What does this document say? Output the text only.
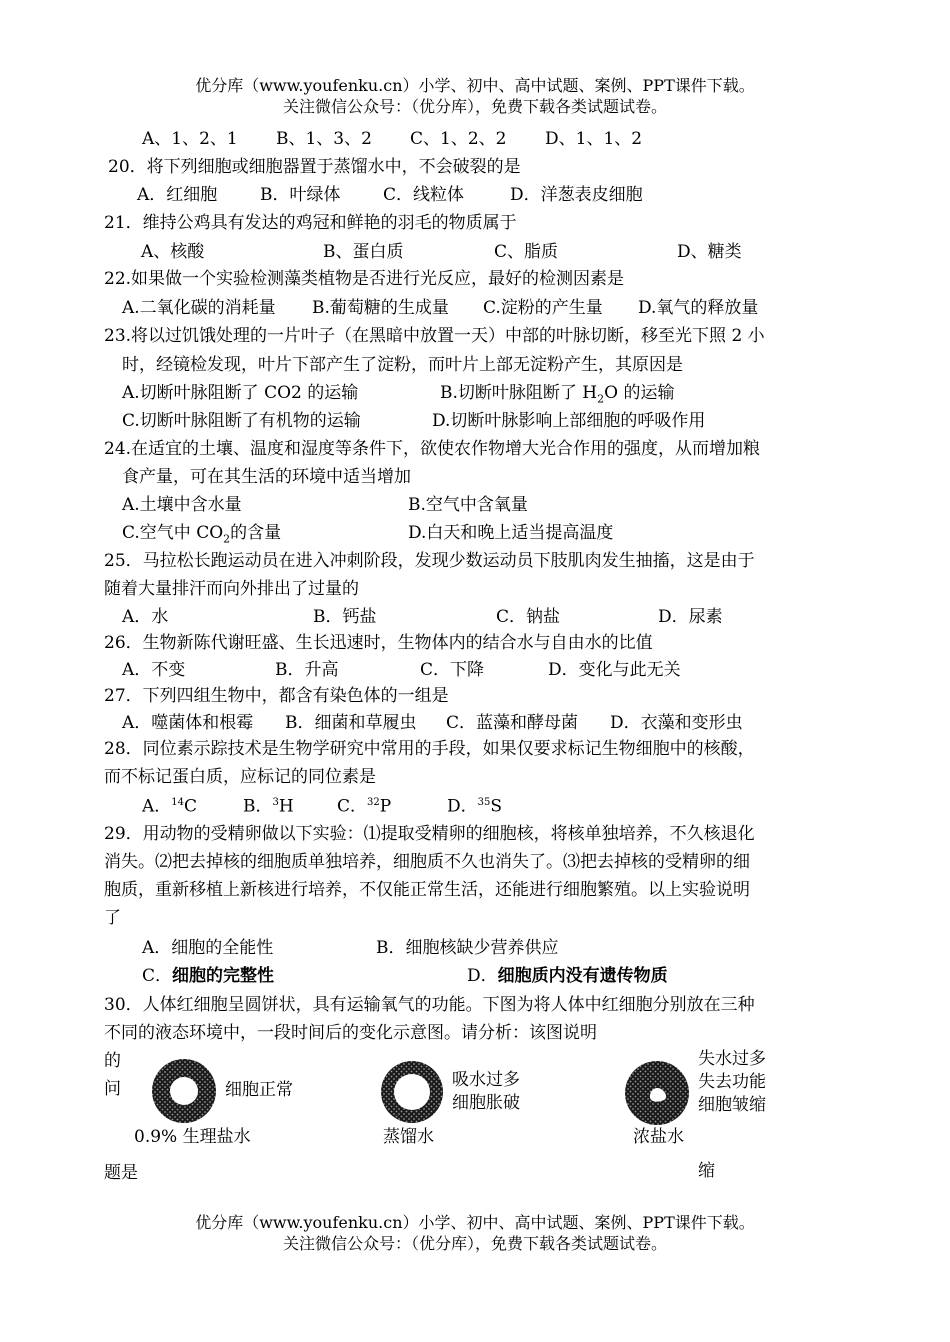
优分库（www.youfenku.cn）小学、初中、高中试题、案例、PPT课件下载。
关注微信公众号：（优分库），免费下载各类试题试卷。
A、1、2、1 B、1、3、2 C、1、2、2 D、1、1、2
20．将下列细胞或细胞器置于蒸馏水中，不会破裂的是
A．红细胞	B．叶绿体	C．线粒体	D．洋葱表皮细胞
21．维持公鸡具有发达的鸡冠和鲜艳的羽毛的物质属于
A、核酸	B、蛋白质	C、脂质	D、糖类
22.如果做一个实验检测藻类植物是否进行光反应，最好的检测因素是
A.二氧化碳的消耗量 B.葡萄糖的生成量 C.淀粉的产生量 D.氧气的释放量
23.将以过饥饿处理的一片叶子（在黑暗中放置一天）中部的叶脉切断，移至光下照 2 小
时，经镜检发现，叶片下部产生了淀粉，而叶片上部无淀粉产生，其原因是
A.切断叶脉阻断了 CO2 的运输	B.切断叶脉阻断了 $H_2O$ 的运输
C.切断叶脉阻断了有机物的运输	D.切断叶脉影响上部细胞的呼吸作用
24.在适宜的土壤、温度和湿度等条件下，欲使农作物增大光合作用的强度，从而增加粮
食产量，可在其生活的环境中适当增加
A.土壤中含水量	B.空气中含氧量
C.空气中 $CO_2$的含量	D.白天和晚上适当提高温度
25．马拉松长跑运动员在进入冲刺阶段，发现少数运动员下肢肌肉发生抽搐，这是由于
随着大量排汗而向外排出了过量的
A．水	B．钙盐	C．钠盐	D．尿素
26．生物新陈代谢旺盛、生长迅速时，生物体内的结合水与自由水的比值
A．不变	B．升高	C．下降	D．变化与此无关
27．下列四组生物中，都含有染色体的一组是
A．噬菌体和根霉 B．细菌和草履虫 C．蓝藻和酵母菌 D．衣藻和变形虫
28．同位素示踪技术是生物学研究中常用的手段，如果仅要求标记生物细胞中的核酸，
而不标记蛋白质，应标记的同位素是
A．$^{14}$C	B．$^3$H	C．$^{32}$P	D．$^{35}$S
29．用动物的受精卵做以下实验：⑴提取受精卵的细胞核，将核单独培养，不久核退化
消失。⑵把去掉核的细胞质单独培养，细胞质不久也消失了。⑶把去掉核的受精卵的细
胞质，重新移植上新核进行培养，不仅能正常生活，还能进行细胞繁殖。以上实验说明
了
A．细胞的全能性	B．细胞核缺少营养供应
C．细胞的完整性	D．细胞质内没有遗传物质
30．人体红细胞呈圆饼状，具有运输氧气的功能。下图为将人体中红细胞分别放在三种
不同的液态环境中，一段时间后的变化示意图。请分析：该图说明
的
问
题是
细胞正常
0.9% 生理盐水
吸水过多
细胞胀破
蒸馏水
失水过多
失去功能
细胞皱缩
浓盐水
缩
优分库（www.youfenku.cn）小学、初中、高中试题、案例、PPT课件下载。
关注微信公众号：（优分库），免费下载各类试题试卷。
